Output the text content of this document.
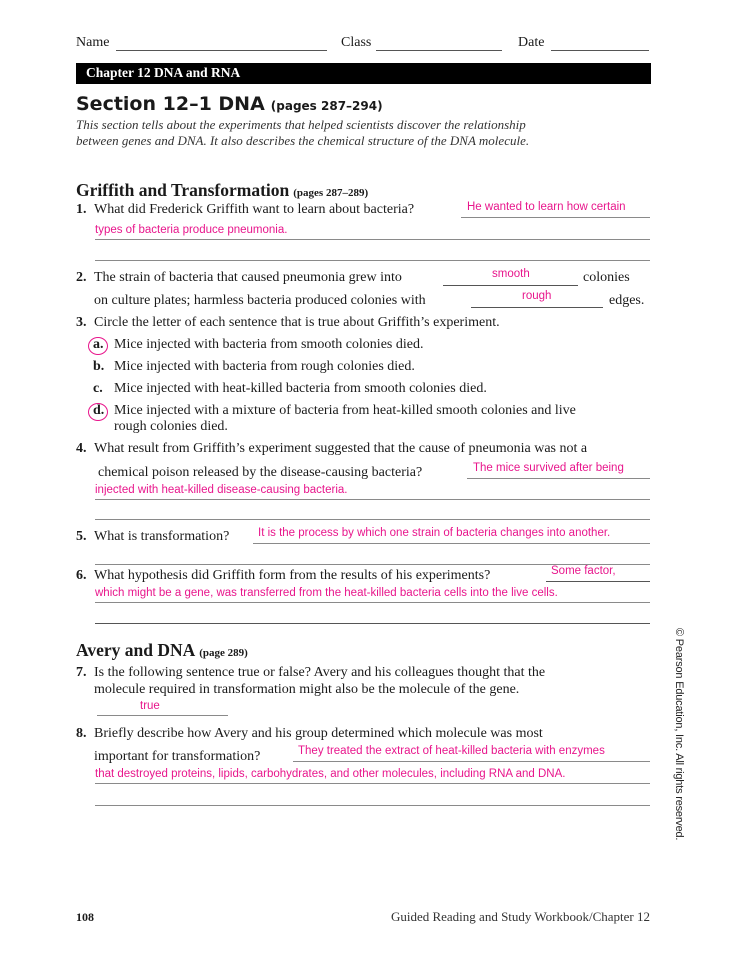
Name	Class	Date
Chapter 12 DNA and RNA
Section 12–1 DNA (pages 287–294)
This section tells about the experiments that helped scientists discover the relationship between genes and DNA. It also describes the chemical structure of the DNA molecule.
Griffith and Transformation (pages 287–289)
1. What did Frederick Griffith want to learn about bacteria?	He wanted to learn how certain
types of bacteria produce pneumonia.
2. The strain of bacteria that caused pneumonia grew into	smooth	colonies
on culture plates; harmless bacteria produced colonies with	rough	edges.
3. Circle the letter of each sentence that is true about Griffith’s experiment.
a. Mice injected with bacteria from smooth colonies died.
b. Mice injected with bacteria from rough colonies died.
c. Mice injected with heat-killed bacteria from smooth colonies died.
d. Mice injected with a mixture of bacteria from heat-killed smooth colonies and live
rough colonies died.
4. What result from Griffith’s experiment suggested that the cause of pneumonia was not a
chemical poison released by the disease-causing bacteria?	The mice survived after being
injected with heat-killed disease-causing bacteria.
5. What is transformation? It is the process by which one strain of bacteria changes into another.
6. What hypothesis did Griffith form from the results of his experiments?	Some factor,
which might be a gene, was transferred from the heat-killed bacteria cells into the live cells.
Avery and DNA (page 289)
7. Is the following sentence true or false? Avery and his colleagues thought that the
molecule required in transformation might also be the molecule of the gene.
true
8. Briefly describe how Avery and his group determined which molecule was most
important for transformation?	They treated the extract of heat-killed bacteria with enzymes
that destroyed proteins, lipids, carbohydrates, and other molecules, including RNA and DNA.	© Pearson Education, Inc. All rights reserved.
108	Guided Reading and Study Workbook/Chapter 12
